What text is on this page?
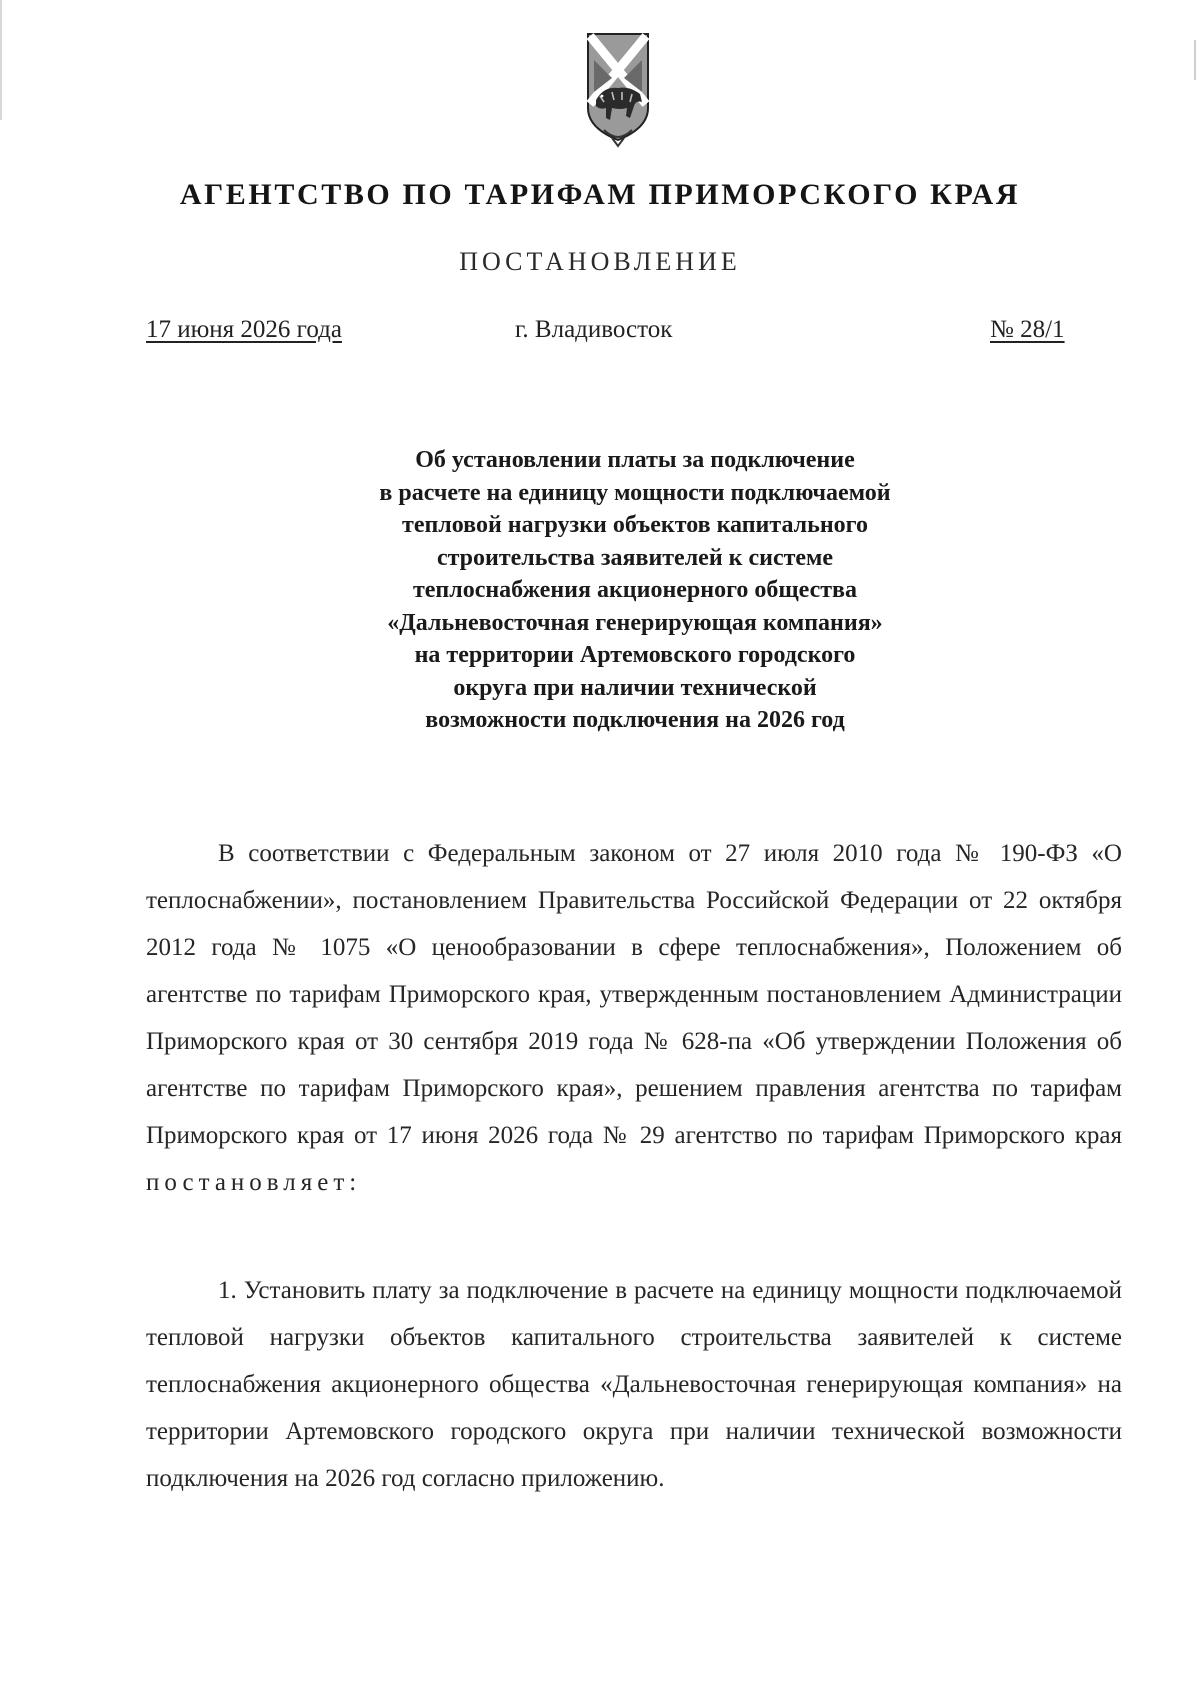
АГЕНТСТВО ПО ТАРИФАМ ПРИМОРСКОГО КРАЯ
ПОСТАНОВЛЕНИЕ
17 июня 2026 года	г. Владивосток	№ 28/1
Об установлении платы за подключение
в расчете на единицу мощности подключаемой
тепловой нагрузки объектов капитального
строительства заявителей к системе
теплоснабжения акционерного общества
«Дальневосточная генерирующая компания»
на территории Артемовского городского
округа при наличии технической
возможности подключения на 2026 год

В соответствии с Федеральным законом от 27 июля 2010 года № 190-ФЗ «О теплоснабжении», постановлением Правительства Российской Федерации от 22 октября 2012 года № 1075 «О ценообразовании в сфере теплоснабжения», Положением об агентстве по тарифам Приморского края, утвержденным постановлением Администрации Приморского края от 30 сентября 2019 года № 628-па «Об утверждении Положения об агентстве по тарифам Приморского края», решением правления агентства по тарифам Приморского края от 17 июня 2026 года № 29 агентство по тарифам Приморского края постановляет:

1. Установить плату за подключение в расчете на единицу мощности подключаемой тепловой нагрузки объектов капитального строительства заявителей к системе теплоснабжения акционерного общества «Дальневосточная генерирующая компания» на территории Артемовского городского округа при наличии технической возможности подключения на 2026 год согласно приложению.
